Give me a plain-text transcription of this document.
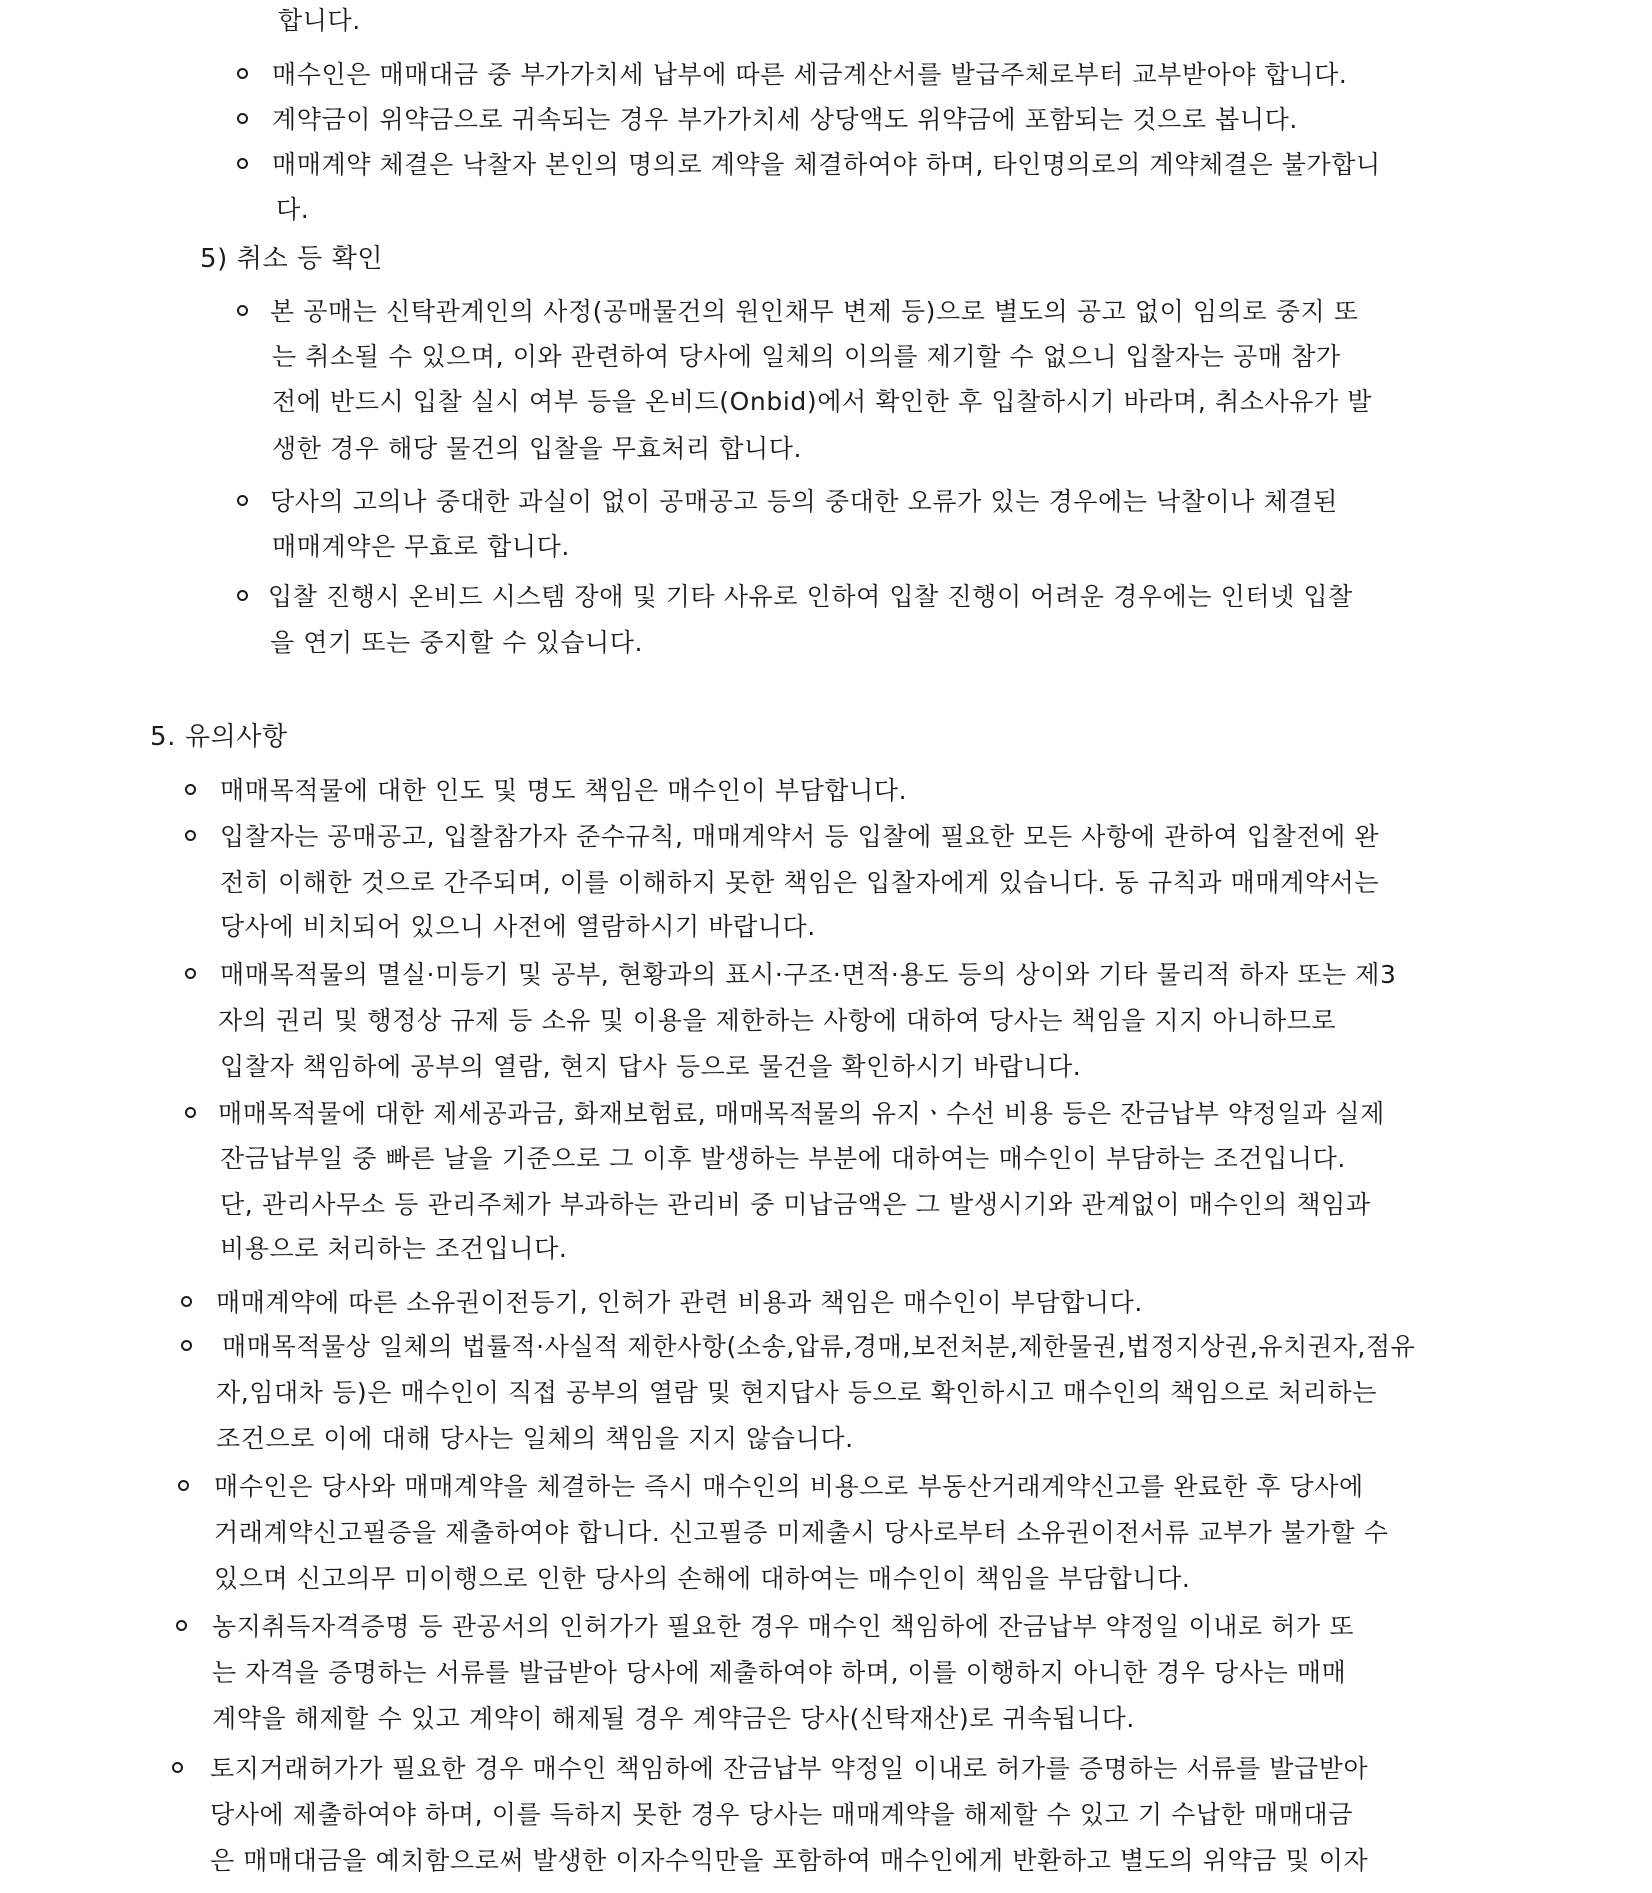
합니다.
매수인은 매매대금 중 부가가치세 납부에 따른 세금계산서를 발급주체로부터 교부받아야 합니다.
계약금이 위약금으로 귀속되는 경우 부가가치세 상당액도 위약금에 포함되는 것으로 봅니다.
매매계약 체결은 낙찰자 본인의 명의로 계약을 체결하여야 하며, 타인명의로의 계약체결은 불가합니
다.
5) 취소 등 확인
본 공매는 신탁관계인의 사정(공매물건의 원인채무 변제 등)으로 별도의 공고 없이 임의로 중지 또
는 취소될 수 있으며, 이와 관련하여 당사에 일체의 이의를 제기할 수 없으니 입찰자는 공매 참가
전에 반드시 입찰 실시 여부 등을 온비드(Onbid)에서 확인한 후 입찰하시기 바라며, 취소사유가 발
생한 경우 해당 물건의 입찰을 무효처리 합니다.
당사의 고의나 중대한 과실이 없이 공매공고 등의 중대한 오류가 있는 경우에는 낙찰이나 체결된
매매계약은 무효로 합니다.
입찰 진행시 온비드 시스템 장애 및 기타 사유로 인하여 입찰 진행이 어려운 경우에는 인터넷 입찰
을 연기 또는 중지할 수 있습니다.
5. 유의사항
매매목적물에 대한 인도 및 명도 책임은 매수인이 부담합니다.
입찰자는 공매공고, 입찰참가자 준수규칙, 매매계약서 등 입찰에 필요한 모든 사항에 관하여 입찰전에 완
전히 이해한 것으로 간주되며, 이를 이해하지 못한 책임은 입찰자에게 있습니다. 동 규칙과 매매계약서는
당사에 비치되어 있으니 사전에 열람하시기 바랍니다.
매매목적물의 멸실·미등기 및 공부, 현황과의 표시·구조·면적·용도 등의 상이와 기타 물리적 하자 또는 제3
자의 권리 및 행정상 규제 등 소유 및 이용을 제한하는 사항에 대하여 당사는 책임을 지지 아니하므로
입찰자 책임하에 공부의 열람, 현지 답사 등으로 물건을 확인하시기 바랍니다.
매매목적물에 대한 제세공과금, 화재보험료, 매매목적물의 유지ㆍ수선 비용 등은 잔금납부 약정일과 실제
잔금납부일 중 빠른 날을 기준으로 그 이후 발생하는 부분에 대하여는 매수인이 부담하는 조건입니다.
단, 관리사무소 등 관리주체가 부과하는 관리비 중 미납금액은 그 발생시기와 관계없이 매수인의 책임과
비용으로 처리하는 조건입니다.
매매계약에 따른 소유권이전등기, 인허가 관련 비용과 책임은 매수인이 부담합니다.
매매목적물상 일체의 법률적·사실적 제한사항(소송,압류,경매,보전처분,제한물권,법정지상권,유치권자,점유
자,임대차 등)은 매수인이 직접 공부의 열람 및 현지답사 등으로 확인하시고 매수인의 책임으로 처리하는
조건으로 이에 대해 당사는 일체의 책임을 지지 않습니다.
매수인은 당사와 매매계약을 체결하는 즉시 매수인의 비용으로 부동산거래계약신고를 완료한 후 당사에
거래계약신고필증을 제출하여야 합니다. 신고필증 미제출시 당사로부터 소유권이전서류 교부가 불가할 수
있으며 신고의무 미이행으로 인한 당사의 손해에 대하여는 매수인이 책임을 부담합니다.
농지취득자격증명 등 관공서의 인허가가 필요한 경우 매수인 책임하에 잔금납부 약정일 이내로 허가 또
는 자격을 증명하는 서류를 발급받아 당사에 제출하여야 하며, 이를 이행하지 아니한 경우 당사는 매매
계약을 해제할 수 있고 계약이 해제될 경우 계약금은 당사(신탁재산)로 귀속됩니다.
토지거래허가가 필요한 경우 매수인 책임하에 잔금납부 약정일 이내로 허가를 증명하는 서류를 발급받아
당사에 제출하여야 하며, 이를 득하지 못한 경우 당사는 매매계약을 해제할 수 있고 기 수납한 매매대금
은 매매대금을 예치함으로써 발생한 이자수익만을 포함하여 매수인에게 반환하고 별도의 위약금 및 이자
